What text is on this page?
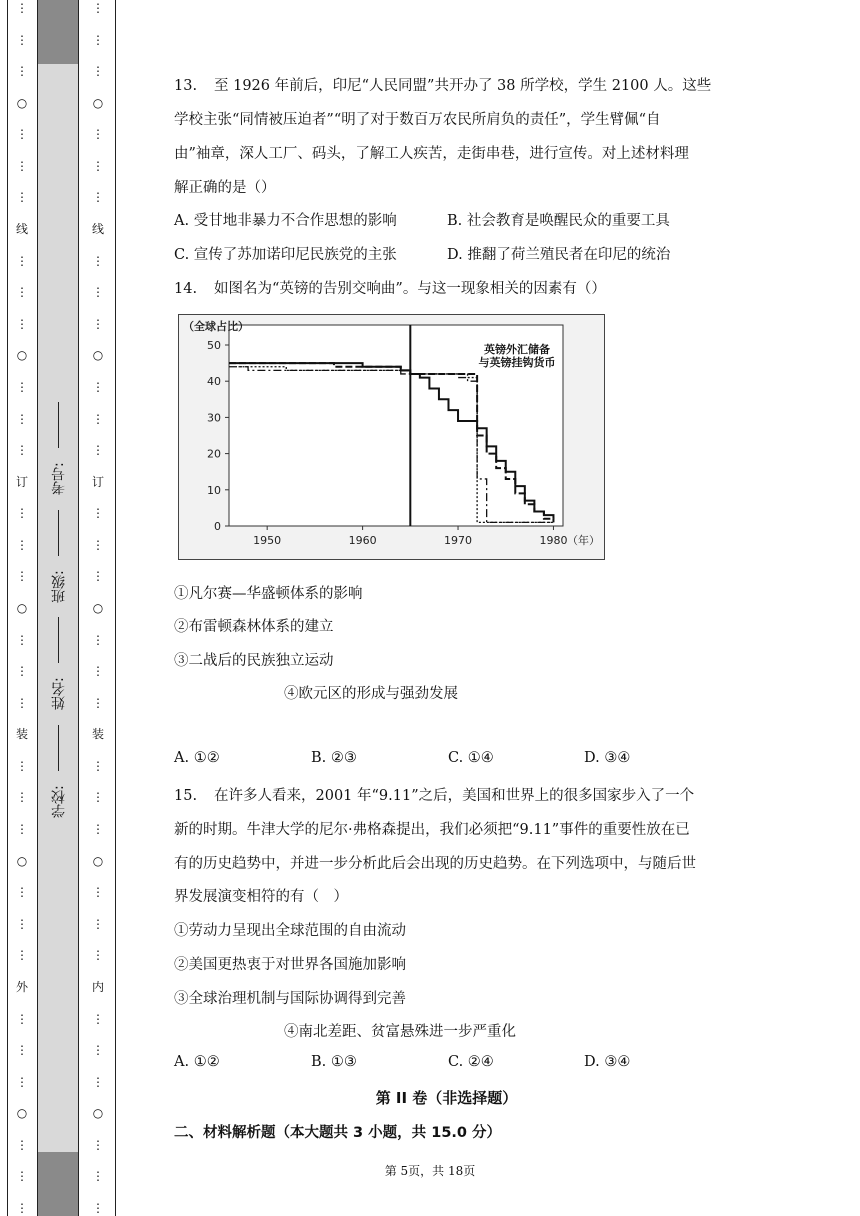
⋮
⋮
⋮
○
⋮
⋮
⋮
线
⋮
⋮
⋮
○
⋮
⋮
⋮
订
⋮
⋮
⋮
○
⋮
⋮
⋮
装
⋮
⋮
⋮
○
⋮
⋮
⋮
外
⋮
⋮
⋮
○
⋮
⋮
⋮
⋮
⋮
⋮
○
⋮
⋮
⋮
线
⋮
⋮
⋮
○
⋮
⋮
⋮
订
⋮
⋮
⋮
○
⋮
⋮
⋮
装
⋮
⋮
⋮
○
⋮
⋮
⋮
内
⋮
⋮
⋮
○
⋮
⋮
⋮
学校:
姓名:
班级:
考号:
13. 至 1926 年前后，印尼“人民同盟”共开办了 38 所学校，学生 2100 人。这些
学校主张“同情被压迫者”“明了对于数百万农民所肩负的责任”，学生臂佩“自
由”袖章，深人工厂、码头，了解工人疾苦，走街串巷，进行宣传。对上述材料理
解正确的是（）
A. 受甘地非暴力不合作思想的影响	B. 社会教育是唤醒民众的重要工具
C. 宣传了苏加诺印尼民族党的主张	D. 推翻了荷兰殖民者在印尼的统治
14. 如图名为“英镑的告别交响曲”。与这一现象相关的因素有（）
①凡尔赛—华盛顿体系的影响
②布雷顿森林体系的建立
③二战后的民族独立运动
④欧元区的形成与强劲发展
A. ①②	B. ②③	C. ①④	D. ③④
15. 在许多人看来，2001 年“9.11”之后，美国和世界上的很多国家步入了一个
新的时期。牛津大学的尼尔·弗格森提出，我们必须把“9.11”事件的重要性放在已
有的历史趋势中，并进一步分析此后会出现的历史趋势。在下列选项中，与随后世
界发展演变相符的有（　）
①劳动力呈现出全球范围的自由流动
②美国更热衷于对世界各国施加影响
③全球治理机制与国际协调得到完善
④南北差距、贫富悬殊进一步严重化
A. ①②	B. ①③	C. ②④	D. ③④
第 II 卷（非选择题）
二、材料解析题（本大题共 3 小题，共 15.0 分）
（全球占比）
0
10
20
30
40
50
1950	1960	1970	1980 （年）
英镑外汇储备
与英镑挂钩货币
第 5页，共 18页
